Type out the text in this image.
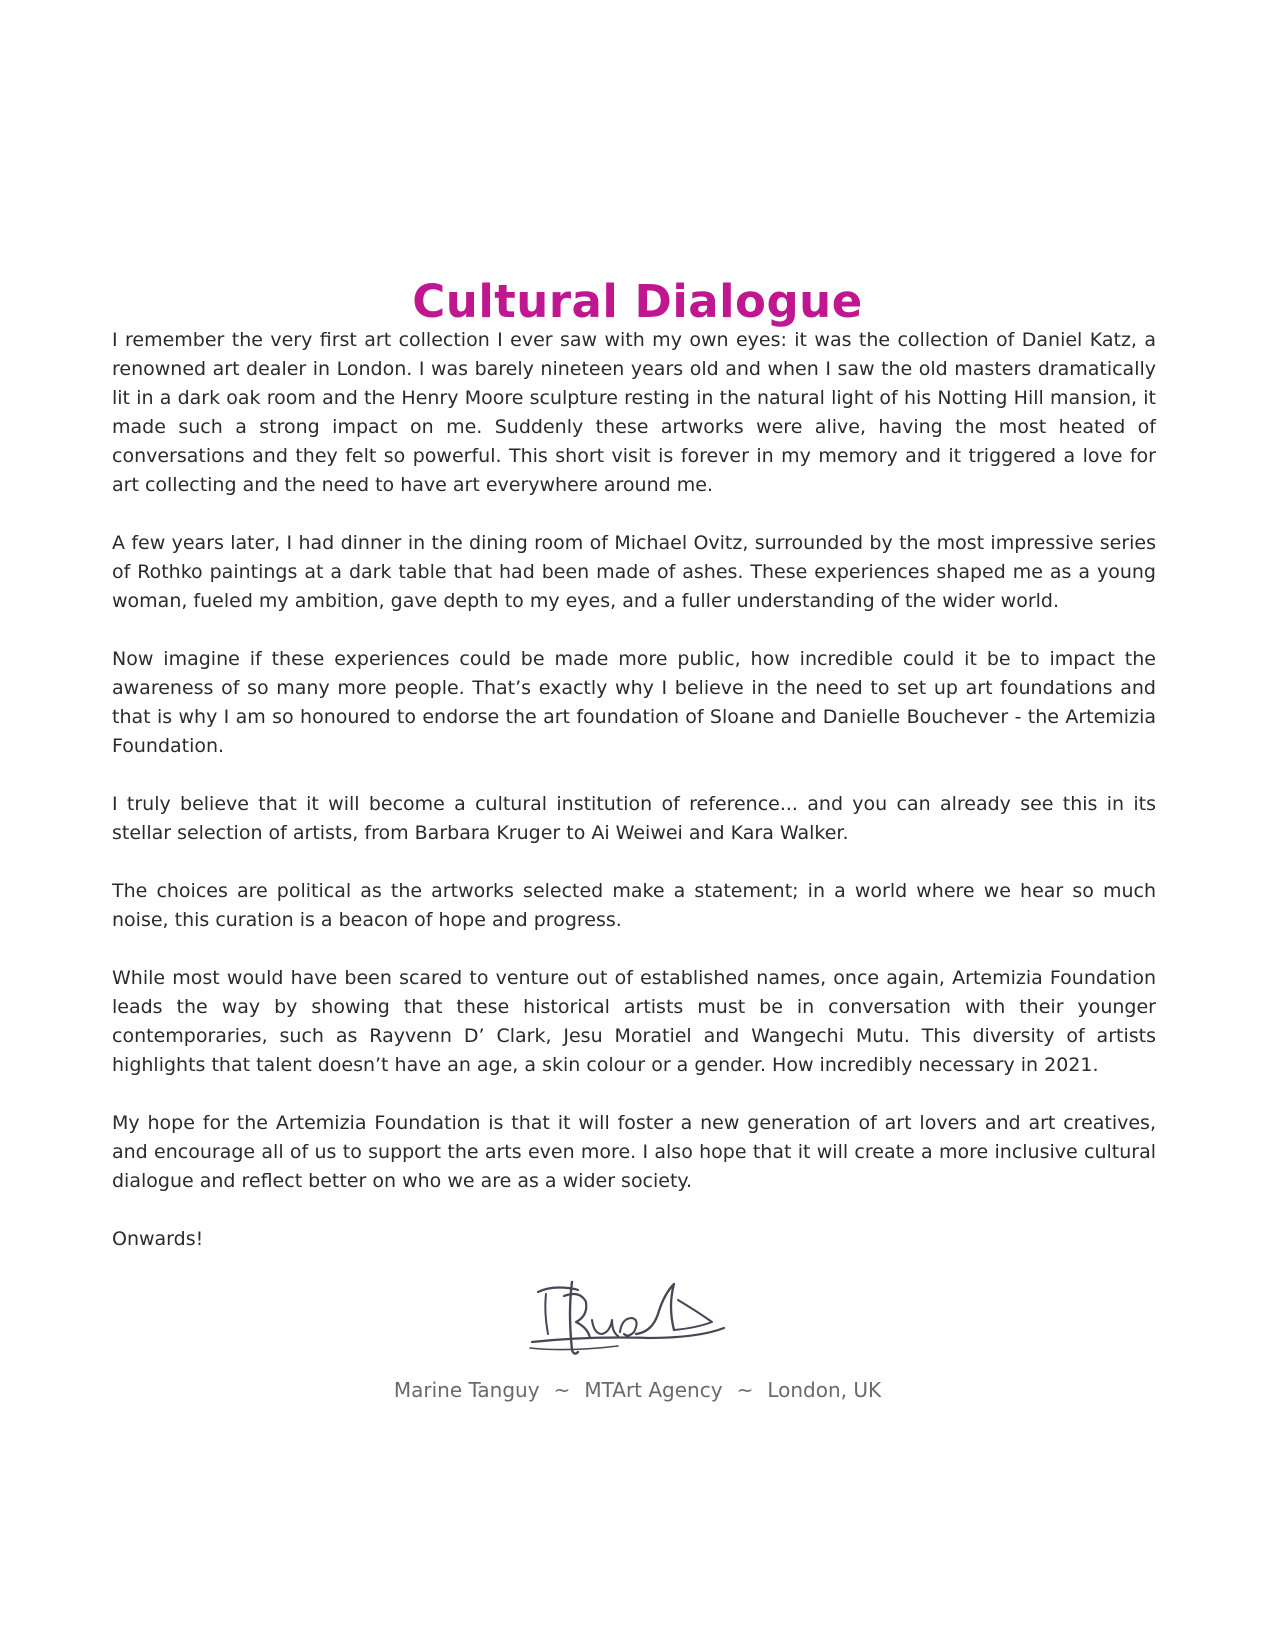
Cultural Dialogue

I remember the very first art collection I ever saw with my own eyes: it was the collection of Daniel Katz, a renowned art dealer in London. I was barely nineteen years old and when I saw the old masters dramatically lit in a dark oak room and the Henry Moore sculpture resting in the natural light of his Notting Hill mansion, it made such a strong impact on me. Suddenly these artworks were alive, having the most heated of conversations and they felt so powerful. This short visit is forever in my memory and it triggered a love for art collecting and the need to have art everywhere around me.

A few years later, I had dinner in the dining room of Michael Ovitz, surrounded by the most impressive series of Rothko paintings at a dark table that had been made of ashes. These experiences shaped me as a young woman, fueled my ambition, gave depth to my eyes, and a fuller understanding of the wider world.

Now imagine if these experiences could be made more public, how incredible could it be to impact the awareness of so many more people. That’s exactly why I believe in the need to set up art foundations and that is why I am so honoured to endorse the art foundation of Sloane and Danielle Bouchever - the Artemizia Foundation.

I truly believe that it will become a cultural institution of reference... and you can already see this in its stellar selection of artists, from Barbara Kruger to Ai Weiwei and Kara Walker.

The choices are political as the artworks selected make a statement; in a world where we hear so much noise, this curation is a beacon of hope and progress.

While most would have been scared to venture out of established names, once again, Artemizia Foundation leads the way by showing that these historical artists must be in conversation with their younger contemporaries, such as Rayvenn D’ Clark, Jesu Moratiel and Wangechi Mutu. This diversity of artists highlights that talent doesn’t have an age, a skin colour or a gender. How incredibly necessary in 2021.

My hope for the Artemizia Foundation is that it will foster a new generation of art lovers and art creatives, and encourage all of us to support the arts even more. I also hope that it will create a more inclusive cultural dialogue and reflect better on who we are as a wider society.

Onwards!

Marine Tanguy ~ MTArt Agency ~ London, UK
